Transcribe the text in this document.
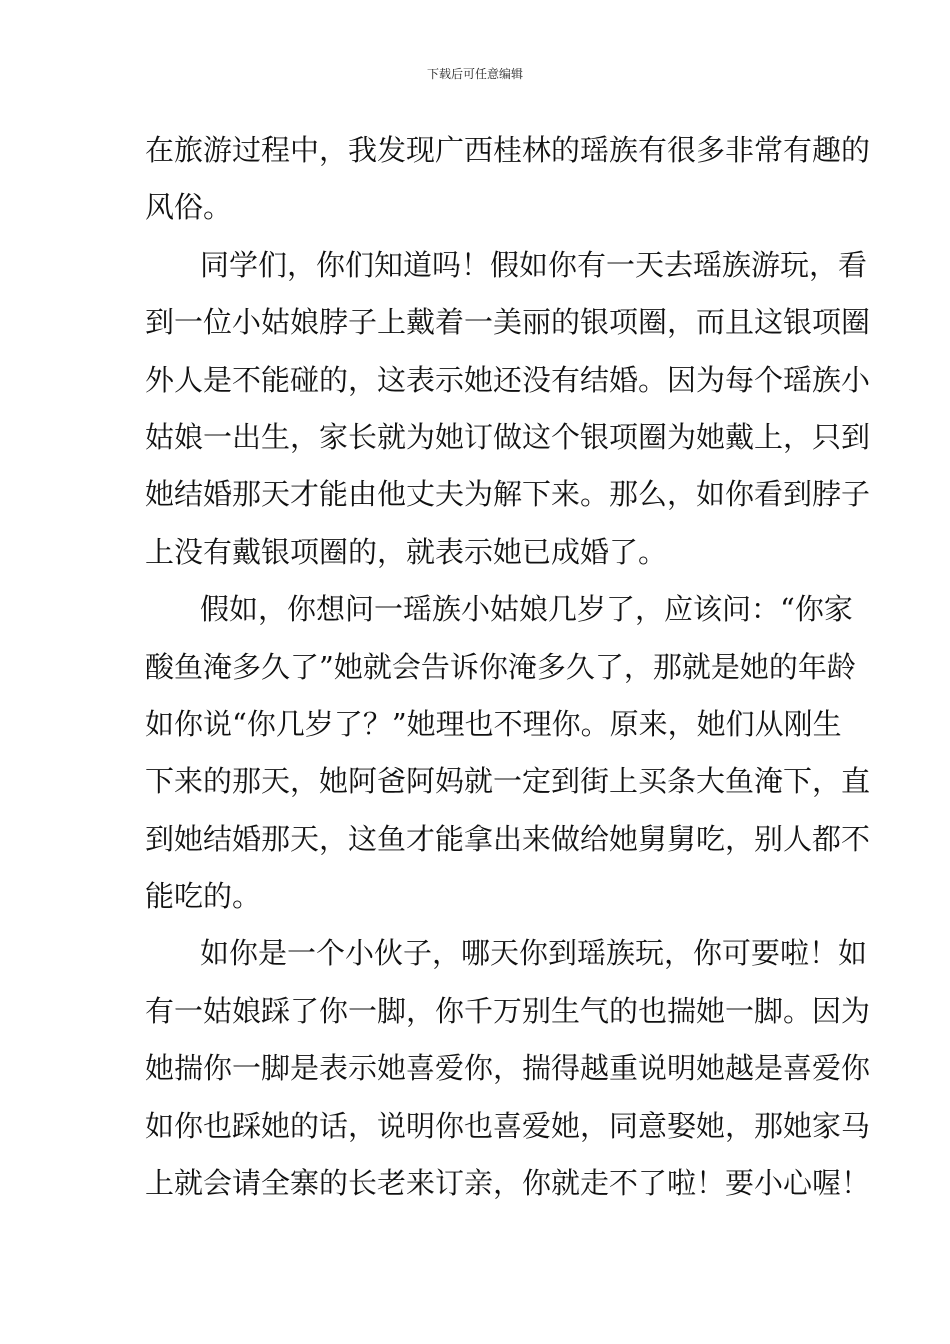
下载后可任意编辑
在旅游过程中，我发现广西桂林的瑶族有很多非常有趣的
风俗。
同学们，你们知道吗！假如你有一天去瑶族游玩，看
到一位小姑娘脖子上戴着一美丽的银项圈，而且这银项圈
外人是不能碰的，这表示她还没有结婚。因为每个瑶族小
姑娘一出生，家长就为她订做这个银项圈为她戴上，只到
她结婚那天才能由他丈夫为解下来。那么，如你看到脖子
上没有戴银项圈的，就表示她已成婚了。
假如，你想问一瑶族小姑娘几岁了，应该问：“你家
酸鱼淹多久了”她就会告诉你淹多久了，那就是她的年龄
如你说“你几岁了？”她理也不理你。原来，她们从刚生
下来的那天，她阿爸阿妈就一定到街上买条大鱼淹下，直
到她结婚那天，这鱼才能拿出来做给她舅舅吃，别人都不
能吃的。
如你是一个小伙子，哪天你到瑶族玩，你可要啦！如
有一姑娘踩了你一脚，你千万别生气的也揣她一脚。因为
她揣你一脚是表示她喜爱你，揣得越重说明她越是喜爱你
如你也踩她的话，说明你也喜爱她，同意娶她，那她家马
上就会请全寨的长老来订亲，你就走不了啦！要小心喔！
